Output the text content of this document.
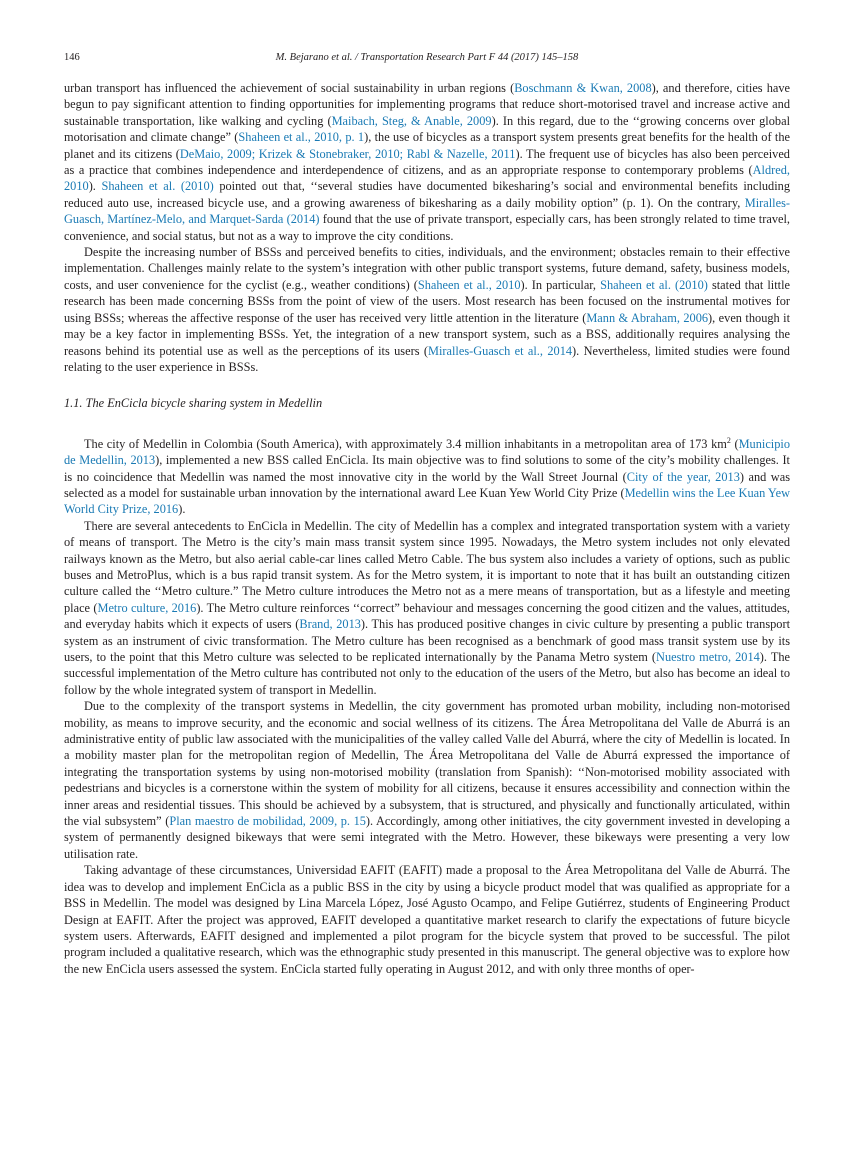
146	M. Bejarano et al. / Transportation Research Part F 44 (2017) 145–158

urban transport has influenced the achievement of social sustainability in urban regions (Boschmann & Kwan, 2008), and therefore, cities have begun to pay significant attention to finding opportunities for implementing programs that reduce short-motorised travel and increase active and sustainable transportation, like walking and cycling (Maibach, Steg, & Anable, 2009). In this regard, due to the ‘‘growing concerns over global motorisation and climate change” (Shaheen et al., 2010, p. 1), the use of bicycles as a transport system presents great benefits for the health of the planet and its citizens (DeMaio, 2009; Krizek & Stonebraker, 2010; Rabl & Nazelle, 2011). The frequent use of bicycles has also been perceived as a practice that combines independence and interdependence of citizens, and as an appropriate response to contemporary problems (Aldred, 2010). Shaheen et al. (2010) pointed out that, ‘‘several studies have documented bikesharing’s social and environmental benefits including reduced auto use, increased bicycle use, and a growing awareness of bikesharing as a daily mobility option” (p. 1). On the contrary, Miralles-Guasch, Martínez-Melo, and Marquet-Sarda (2014) found that the use of private transport, especially cars, has been strongly related to time travel, convenience, and social status, but not as a way to improve the city conditions.

Despite the increasing number of BSSs and perceived benefits to cities, individuals, and the environment; obstacles remain to their effective implementation. Challenges mainly relate to the system’s integration with other public transport systems, future demand, safety, business models, costs, and user convenience for the cyclist (e.g., weather conditions) (Shaheen et al., 2010). In particular, Shaheen et al. (2010) stated that little research has been made concerning BSSs from the point of view of the users. Most research has been focused on the instrumental motives for using BSSs; whereas the affective response of the user has received very little attention in the literature (Mann & Abraham, 2006), even though it may be a key factor in implementing BSSs. Yet, the integration of a new transport system, such as a BSS, additionally requires analysing the reasons behind its potential use as well as the perceptions of its users (Miralles-Guasch et al., 2014). Nevertheless, limited studies were found relating to the user experience in BSSs.

1.1. The EnCicla bicycle sharing system in Medellin

The city of Medellin in Colombia (South America), with approximately 3.4 million inhabitants in a metropolitan area of 173 $km^2$ (Municipio de Medellin, 2013), implemented a new BSS called EnCicla. Its main objective was to find solutions to some of the city’s mobility challenges. It is no coincidence that Medellin was named the most innovative city in the world by the Wall Street Journal (City of the year, 2013) and was selected as a model for sustainable urban innovation by the international award Lee Kuan Yew World City Prize (Medellin wins the Lee Kuan Yew World City Prize, 2016).

There are several antecedents to EnCicla in Medellin. The city of Medellin has a complex and integrated transportation system with a variety of means of transport. The Metro is the city’s main mass transit system since 1995. Nowadays, the Metro system includes not only elevated railways known as the Metro, but also aerial cable-car lines called Metro Cable. The bus system also includes a variety of options, such as public buses and MetroPlus, which is a bus rapid transit system. As for the Metro system, it is important to note that it has built an outstanding citizen culture called the ‘‘Metro culture.” The Metro culture introduces the Metro not as a mere means of transportation, but as a lifestyle and meeting place (Metro culture, 2016). The Metro culture reinforces ‘‘correct” behaviour and messages concerning the good citizen and the values, attitudes, and everyday habits which it expects of users (Brand, 2013). This has produced positive changes in civic culture by presenting a public transport system as an instrument of civic transformation. The Metro culture has been recognised as a benchmark of good mass transit system use by its users, to the point that this Metro culture was selected to be replicated internationally by the Panama Metro system (Nuestro metro, 2014). The successful implementation of the Metro culture has contributed not only to the education of the users of the Metro, but also has become an ideal to follow by the whole integrated system of transport in Medellin.

Due to the complexity of the transport systems in Medellin, the city government has promoted urban mobility, including non-motorised mobility, as means to improve security, and the economic and social wellness of its citizens. The Área Metropolitana del Valle de Aburrá is an administrative entity of public law associated with the municipalities of the valley called Valle del Aburrá, where the city of Medellin is located. In a mobility master plan for the metropolitan region of Medellin, The Área Metropolitana del Valle de Aburrá expressed the importance of integrating the transportation systems by using non-motorised mobility (translation from Spanish): ‘‘Non-motorised mobility associated with pedestrians and bicycles is a cornerstone within the system of mobility for all citizens, because it ensures accessibility and connection within the inner areas and residential tissues. This should be achieved by a subsystem, that is structured, and physically and functionally articulated, within the vial subsystem” (Plan maestro de mobilidad, 2009, p. 15). Accordingly, among other initiatives, the city government invested in developing a system of permanently designed bikeways that were semi integrated with the Metro. However, these bikeways were presenting a very low utilisation rate.

Taking advantage of these circumstances, Universidad EAFIT (EAFIT) made a proposal to the Área Metropolitana del Valle de Aburrá. The idea was to develop and implement EnCicla as a public BSS in the city by using a bicycle product model that was qualified as appropriate for a BSS in Medellin. The model was designed by Lina Marcela López, José Agusto Ocampo, and Felipe Gutiérrez, students of Engineering Product Design at EAFIT. After the project was approved, EAFIT developed a quantitative market research to clarify the expectations of future bicycle system users. Afterwards, EAFIT designed and implemented a pilot program for the bicycle system that proved to be successful. The pilot program included a qualitative research, which was the ethnographic study presented in this manuscript. The general objective was to explore how the new EnCicla users assessed the system. EnCicla started fully operating in August 2012, and with only three months of oper-
